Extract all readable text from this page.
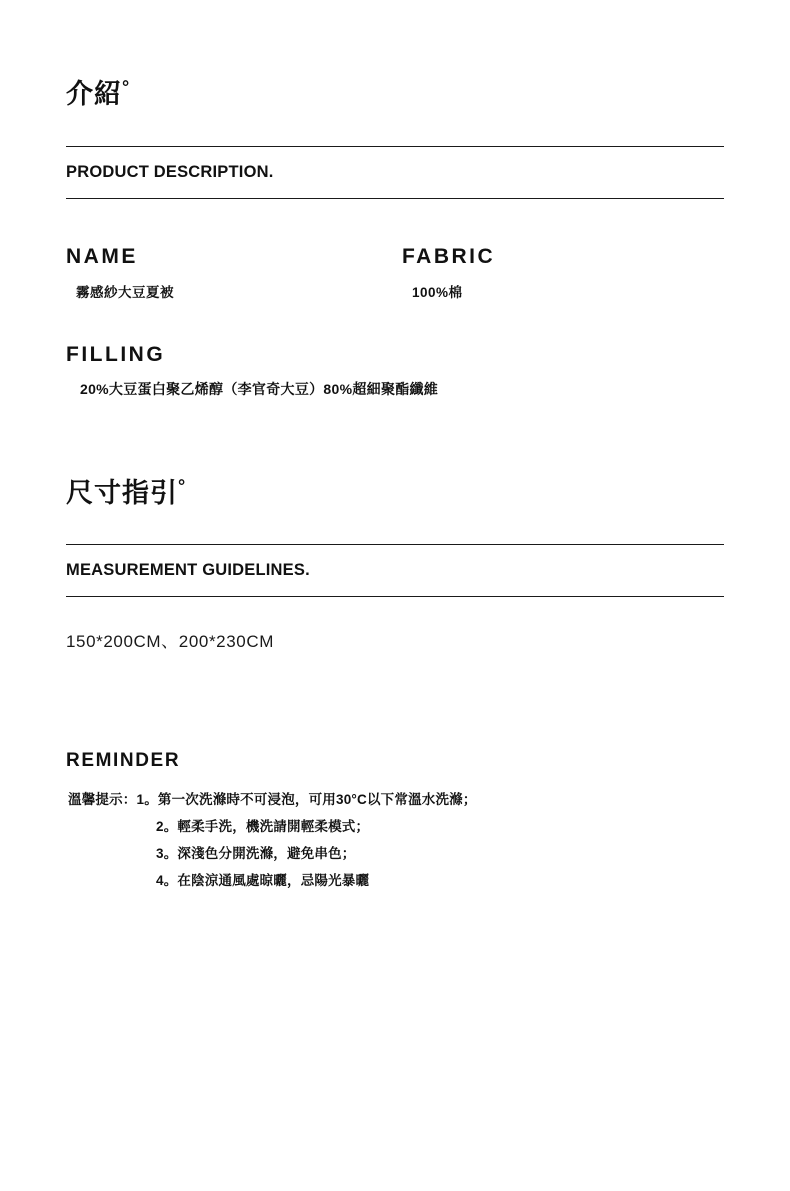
介紹°
PRODUCT DESCRIPTION.
NAME
霧感紗大豆夏被
FABRIC
100%棉
FILLING
20%大豆蛋白聚乙烯醇（李官奇大豆）80%超細聚酯纖維
尺寸指引°
MEASUREMENT GUIDELINES.
150*200CM、200*230CM
REMINDER
溫馨提示：1。第一次洗滌時不可浸泡，可用30°C以下常溫水洗滌；
2。輕柔手洗，機洗請開輕柔模式；
3。深淺色分開洗滌，避免串色；
4。在陰涼通風處晾曬，忌陽光暴曬
